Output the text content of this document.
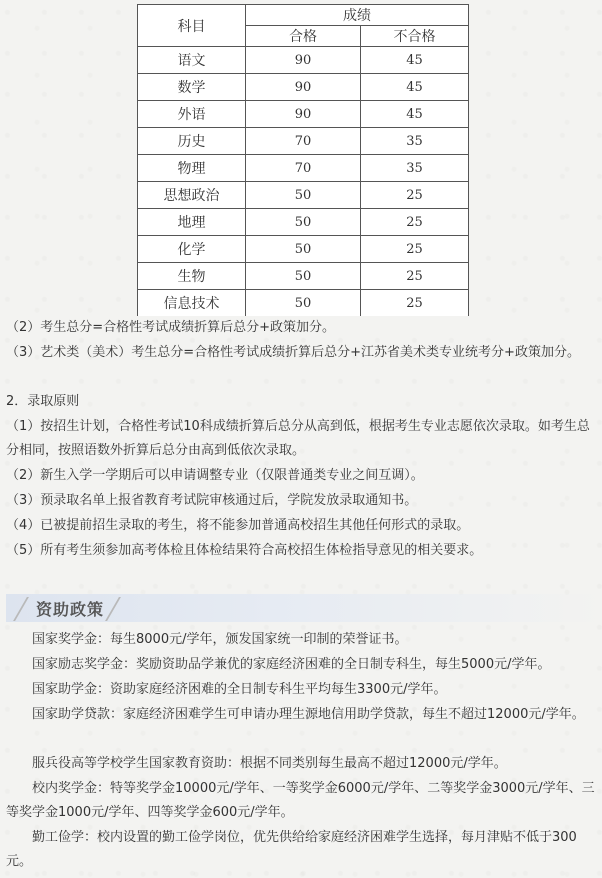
科目	成绩	
	合格	不合格
语文	90	45
数学	90	45
外语	90	45
历史	70	35
物理	70	35
思想政治	50	25
地理	50	25
化学	50	25
生物	50	25
信息技术	50	25
（2）考生总分=合格性考试成绩折算后总分+政策加分。
（3）艺术类（美术）考生总分=合格性考试成绩折算后总分+江苏省美术类专业统考分+政策加分。
2．录取原则
（1）按招生计划，合格性考试10科成绩折算后总分从高到低，根据考生专业志愿依次录取。如考生总分相同，按照语数外折算后总分由高到低依次录取。
（2）新生入学一学期后可以申请调整专业（仅限普通类专业之间互调）。
（3）预录取名单上报省教育考试院审核通过后，学院发放录取通知书。
（4）已被提前招生录取的考生，将不能参加普通高校招生其他任何形式的录取。
（5）所有考生须参加高考体检且体检结果符合高校招生体检指导意见的相关要求。
资助政策
国家奖学金：每生8000元/学年，颁发国家统一印制的荣誉证书。
国家励志奖学金：奖励资助品学兼优的家庭经济困难的全日制专科生，每生5000元/学年。
国家助学金：资助家庭经济困难的全日制专科生平均每生3300元/学年。
国家助学贷款：家庭经济困难学生可申请办理生源地信用助学贷款，每生不超过12000元/学年。
服兵役高等学校学生国家教育资助：根据不同类别每生最高不超过12000元/学年。
校内奖学金：特等奖学金10000元/学年、一等奖学金6000元/学年、二等奖学金3000元/学年、三等奖学金1000元/学年、四等奖学金600元/学年。
勤工俭学：校内设置的勤工俭学岗位，优先供给给家庭经济困难学生选择，每月津贴不低于300元。
